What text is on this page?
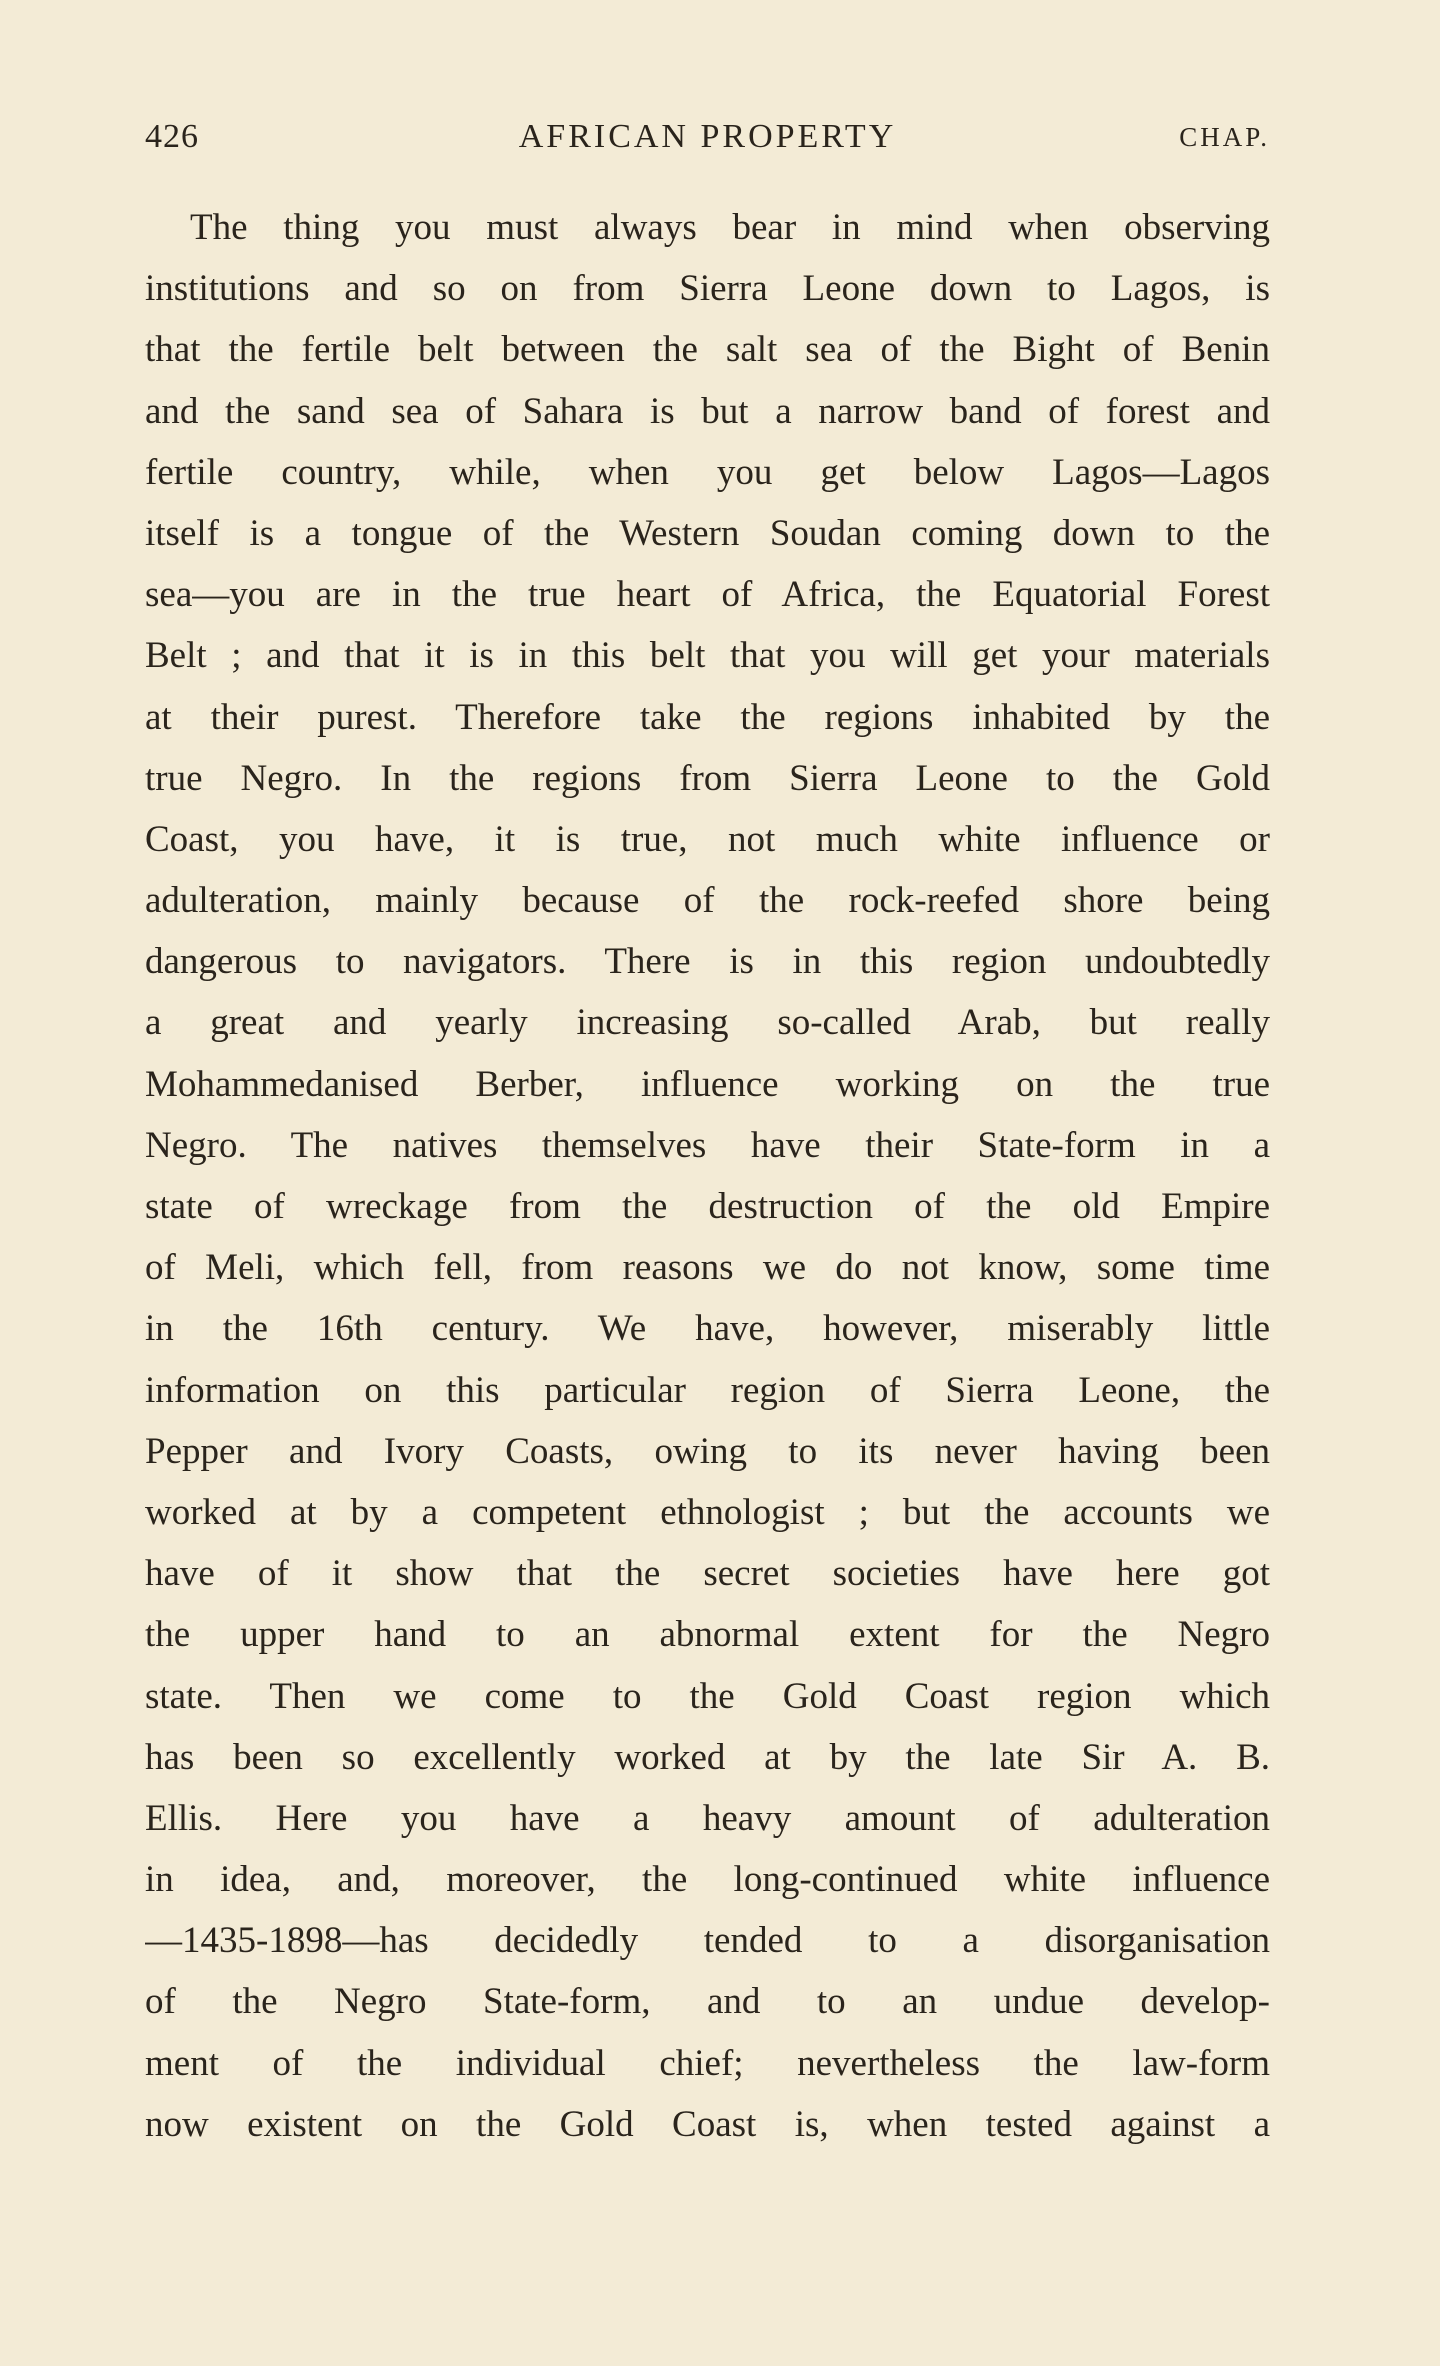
426	AFRICAN PROPERTY	CHAP.
The thing you must always bear in mind when observing
institutions and so on from Sierra Leone down to Lagos, is
that the fertile belt between the salt sea of the Bight of Benin
and the sand sea of Sahara is but a narrow band of forest and
fertile country, while, when you get below Lagos—Lagos
itself is a tongue of the Western Soudan coming down to the
sea—you are in the true heart of Africa, the Equatorial Forest
Belt ; and that it is in this belt that you will get your materials
at their purest. Therefore take the regions inhabited by the
true Negro. In the regions from Sierra Leone to the Gold
Coast, you have, it is true, not much white influence or
adulteration, mainly because of the rock-reefed shore being
dangerous to navigators. There is in this region undoubtedly
a great and yearly increasing so-called Arab, but really
Mohammedanised Berber, influence working on the true
Negro. The natives themselves have their State-form in a
state of wreckage from the destruction of the old Empire
of Meli, which fell, from reasons we do not know, some time
in the 16th century. We have, however, miserably little
information on this particular region of Sierra Leone, the
Pepper and Ivory Coasts, owing to its never having been
worked at by a competent ethnologist ; but the accounts we
have of it show that the secret societies have here got
the upper hand to an abnormal extent for the Negro
state. Then we come to the Gold Coast region which
has been so excellently worked at by the late Sir A. B.
Ellis. Here you have a heavy amount of adulteration
in idea, and, moreover, the long-continued white influence
—1435-1898—has decidedly tended to a disorganisation
of the Negro State-form, and to an undue develop-
ment of the individual chief; nevertheless the law-form
now existent on the Gold Coast is, when tested against a
